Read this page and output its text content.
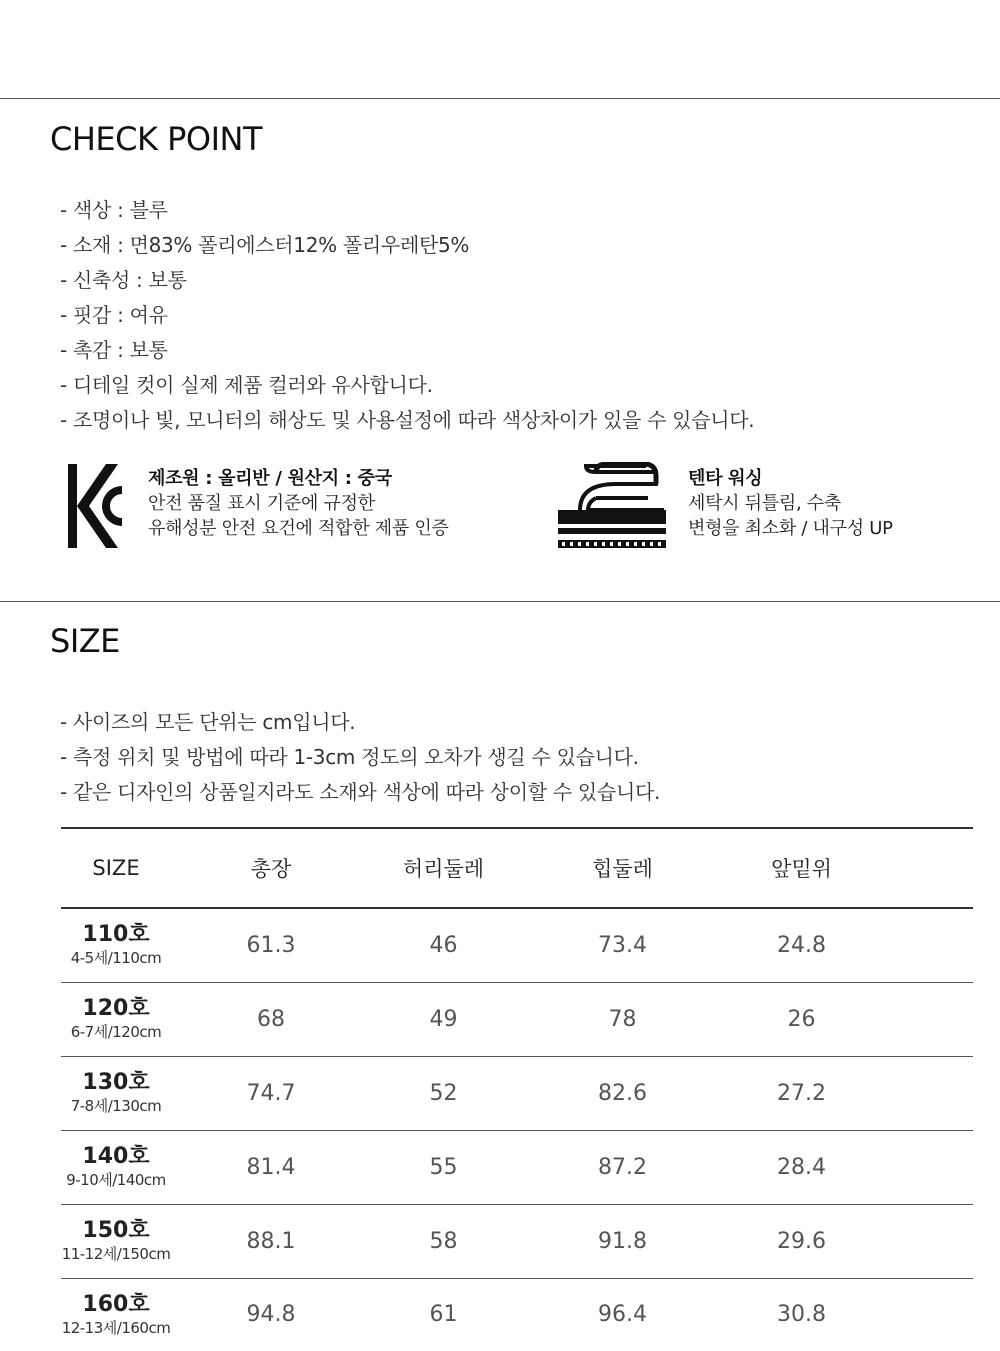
CHECK POINT
- 색상 : 블루
- 소재 : 면83% 폴리에스터12% 폴리우레탄5%
- 신축성 : 보통
- 핏감 : 여유
- 촉감 : 보통
- 디테일 컷이 실제 제품 컬러와 유사합니다.
- 조명이나 빛, 모니터의 해상도 및 사용설정에 따라 색상차이가 있을 수 있습니다.
제조원 : 올리반 / 원산지 : 중국
안전 품질 표시 기준에 규정한
유해성분 안전 요건에 적합한 제품 인증
텐타 워싱
세탁시 뒤틀림, 수축
변형을 최소화 / 내구성 UP
SIZE
- 사이즈의 모든 단위는 cm입니다.
- 측정 위치 및 방법에 따라 1-3cm 정도의 오차가 생길 수 있습니다.
- 같은 디자인의 상품일지라도 소재와 색상에 따라 상이할 수 있습니다.
SIZE	총장	허리둘레	힙둘레	앞밑위	

110호
4-5세/110cm	61.3	46	73.4	24.8	

120호
6-7세/120cm	68	49	78	26	

130호
7-8세/130cm	74.7	52	82.6	27.2	

140호
9-10세/140cm	81.4	55	87.2	28.4	

150호
11-12세/150cm	88.1	58	91.8	29.6	

160호
12-13세/160cm	94.8	61	96.4	30.8	
